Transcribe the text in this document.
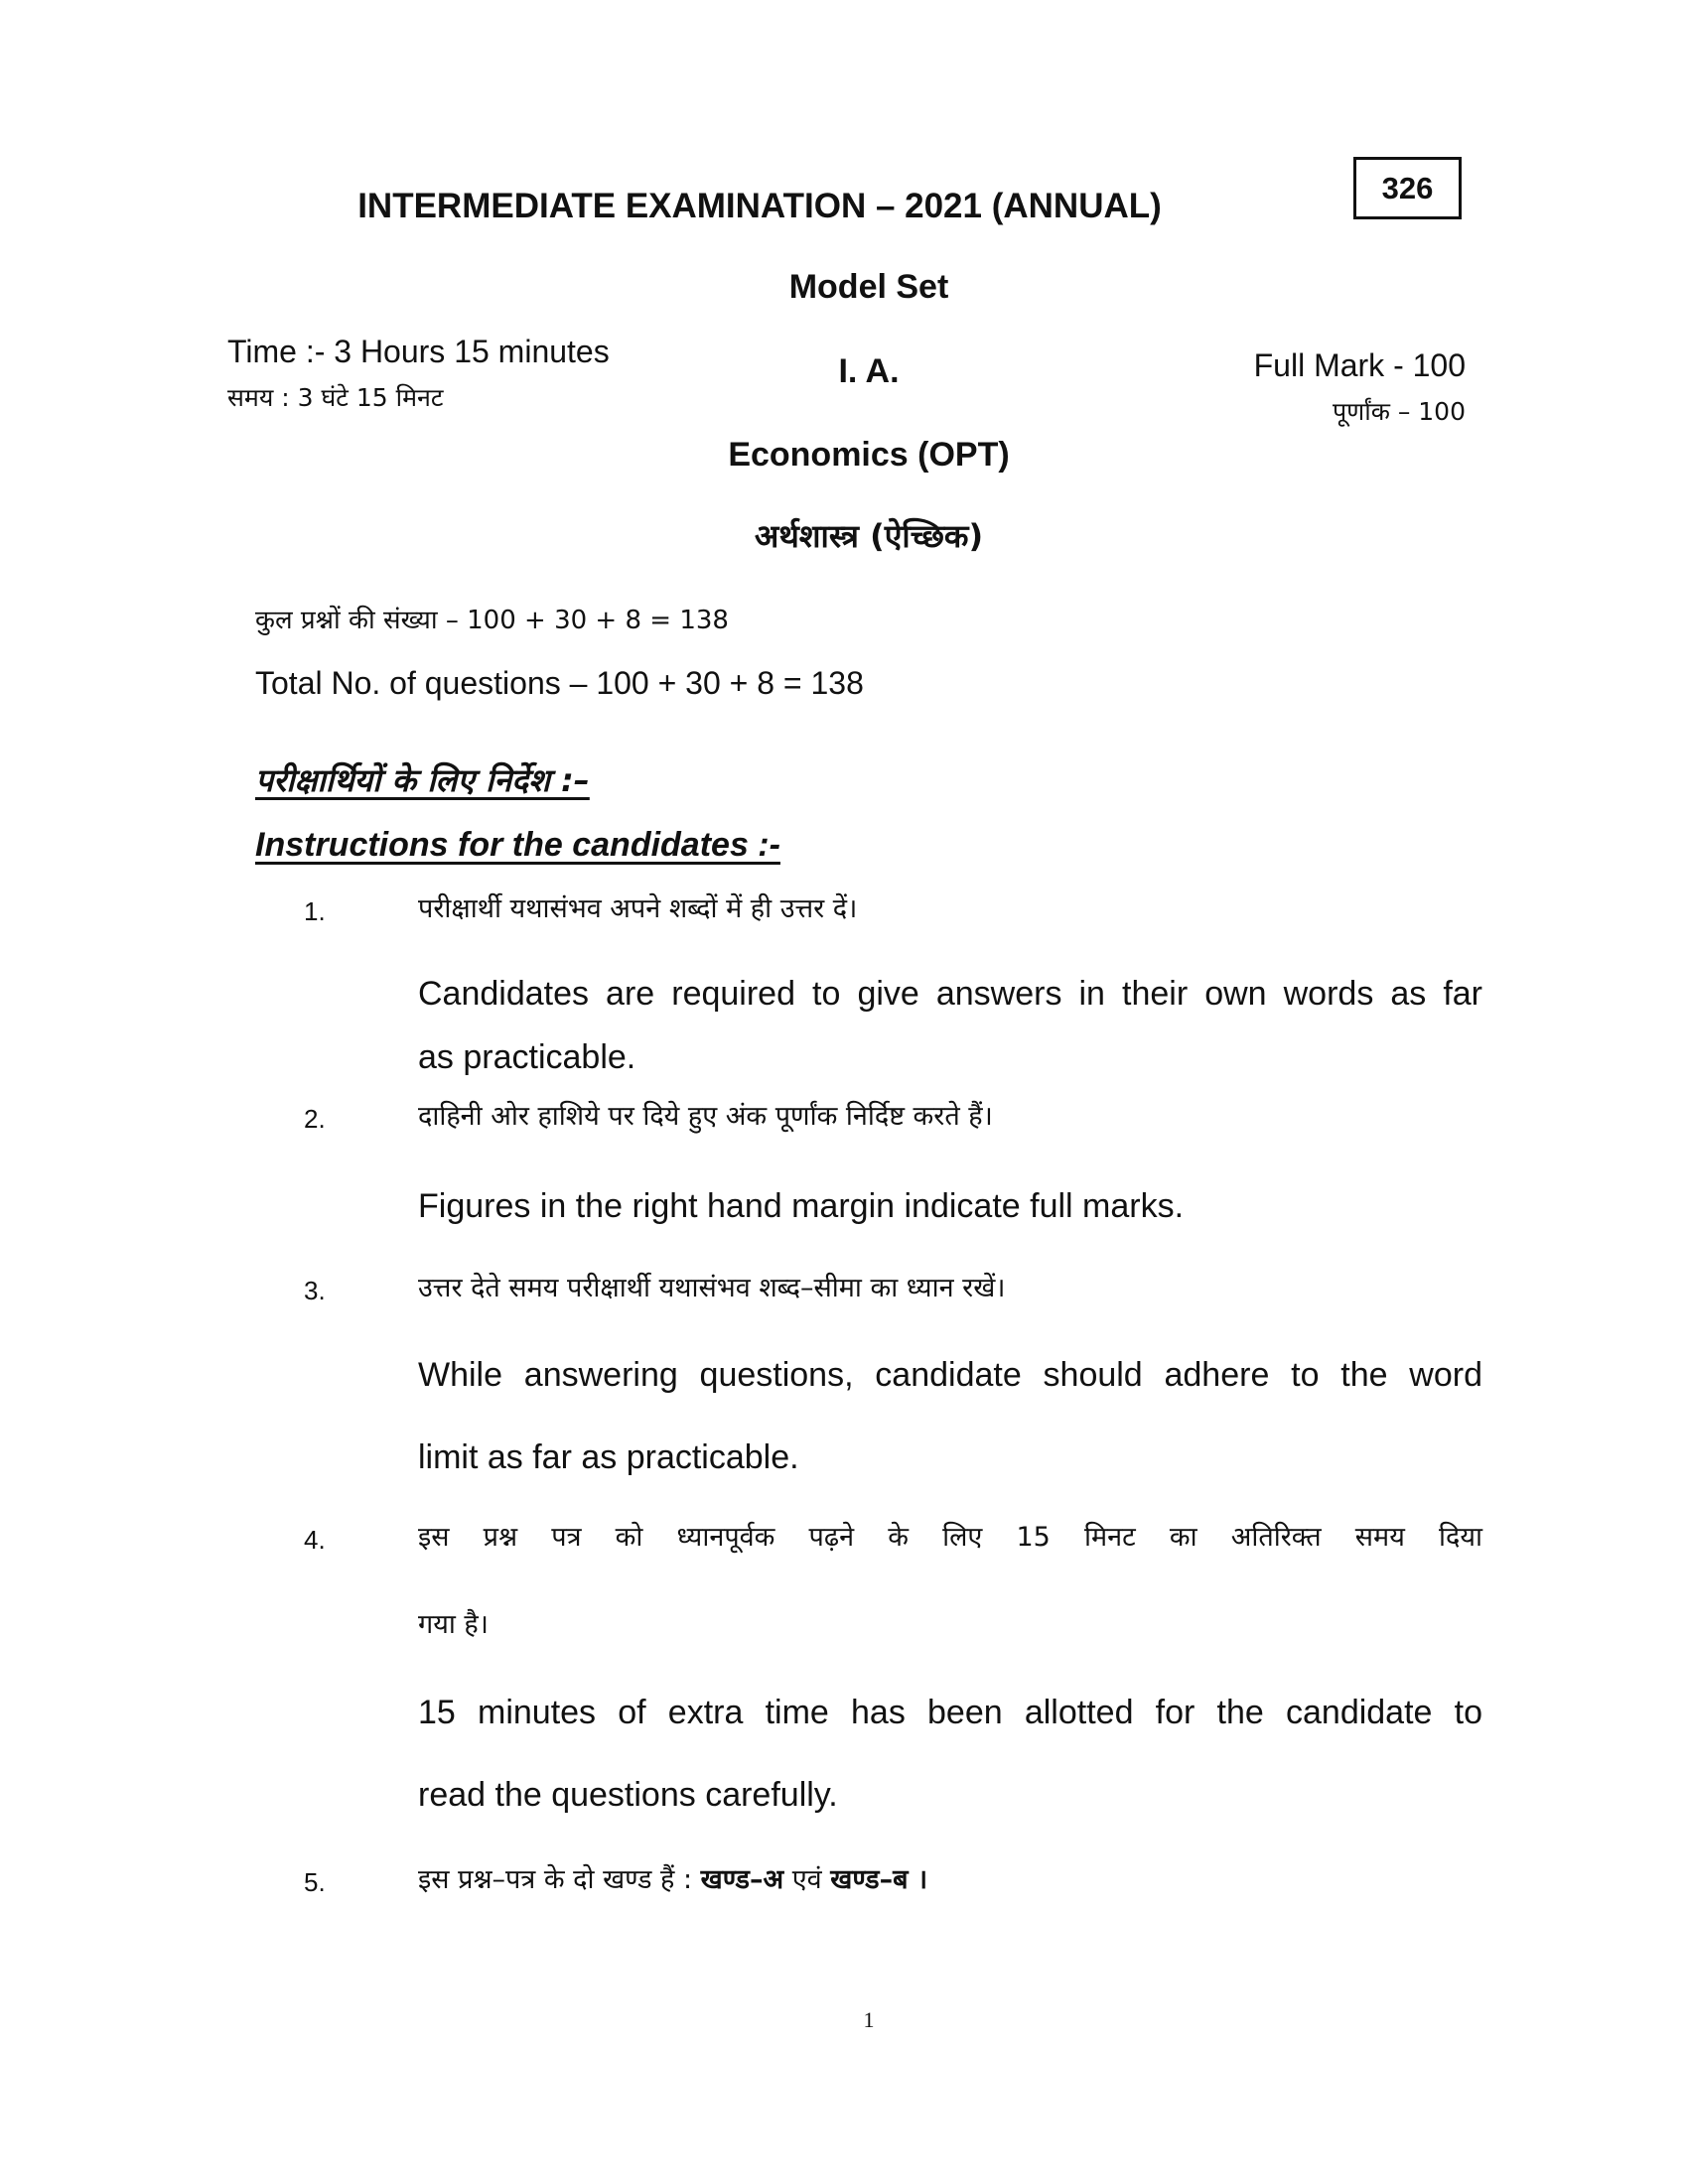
INTERMEDIATE EXAMINATION – 2021 (ANNUAL)	326
Model Set
Time :- 3 Hours 15 minutes
समय : 3 घंटे 15 मिनट
I. A.	Full Mark - 100
पूर्णांक – 100
Economics (OPT)
अर्थशास्त्र (ऐच्छिक)
कुल प्रश्नों की संख्या – 100 + 30 + 8 = 138
Total No. of questions – 100 + 30 + 8 = 138
परीक्षार्थियों के लिए निर्देश :–
Instructions for the candidates :-
1.	परीक्षार्थी यथासंभव अपने शब्दों में ही उत्तर दें।
Candidates are required to give answers in their own words as far
as practicable.
2.	दाहिनी ओर हाशिये पर दिये हुए अंक पूर्णांक निर्दिष्ट करते हैं।
Figures in the right hand margin indicate full marks.
3.	उत्तर देते समय परीक्षार्थी यथासंभव शब्द–सीमा का ध्यान रखें।
While answering questions, candidate should adhere to the word
limit as far as practicable.
4.	इस प्रश्न पत्र को ध्यानपूर्वक पढ़ने के लिए 15 मिनट का अतिरिक्त समय दिया
गया है।
15 minutes of extra time has been allotted for the candidate to
read the questions carefully.
5.	इस प्रश्न–पत्र के दो खण्ड हैं : खण्ड–अ एवं खण्ड–ब ।
1
